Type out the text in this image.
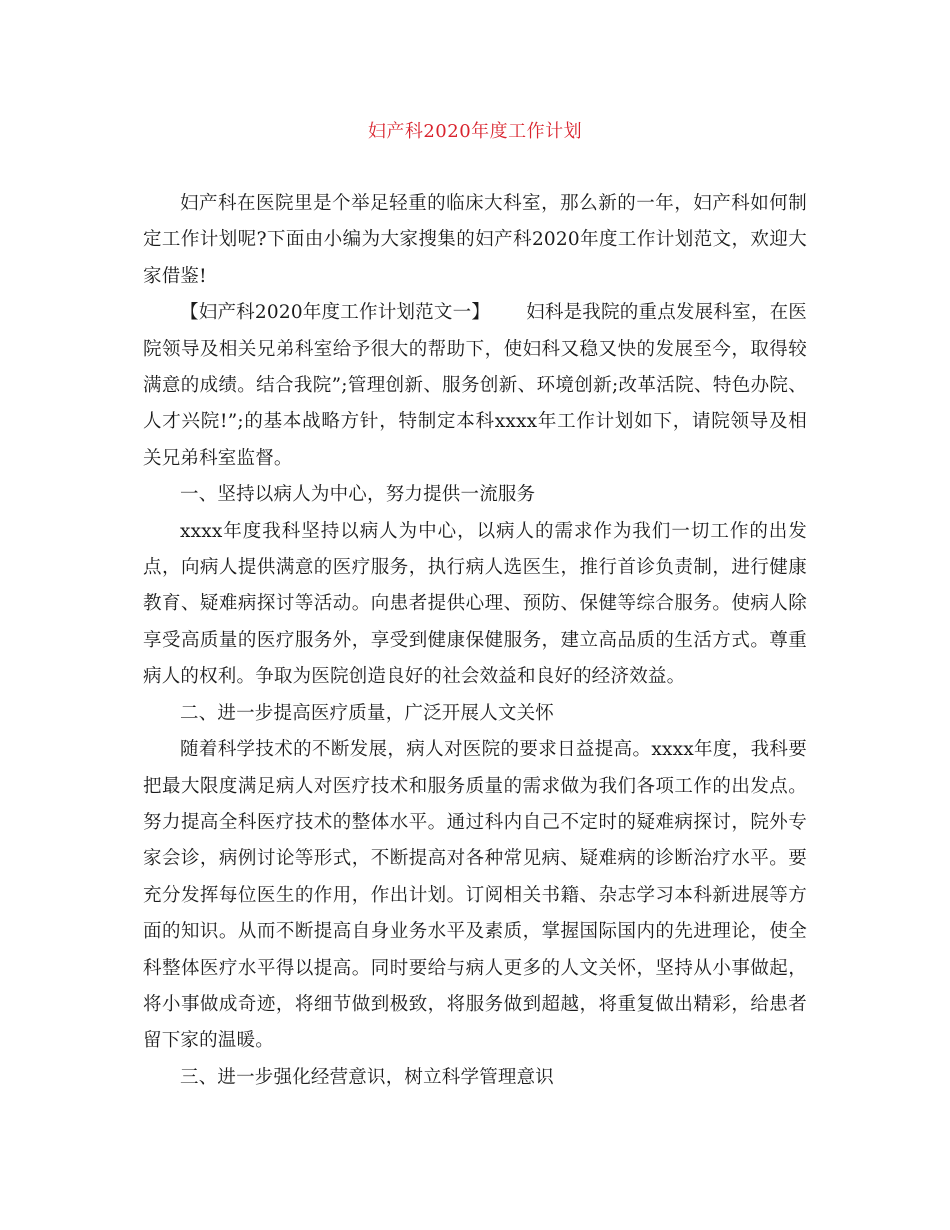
妇产科2020年度工作计划

妇产科在医院里是个举足轻重的临床大科室，那么新的一年，妇产科如何制定工作计划呢?下面由小编为大家搜集的妇产科2020年度工作计划范文，欢迎大家借鉴!

【妇产科2020年度工作计划范文一】 妇科是我院的重点发展科室，在医院领导及相关兄弟科室给予很大的帮助下，使妇科又稳又快的发展至今，取得较满意的成绩。结合我院”;管理创新、服务创新、环境创新;改革活院、特色办院、人才兴院!”;的基本战略方针，特制定本科xxxx年工作计划如下，请院领导及相关兄弟科室监督。

一、坚持以病人为中心，努力提供一流服务

xxxx年度我科坚持以病人为中心，以病人的需求作为我们一切工作的出发点，向病人提供满意的医疗服务，执行病人选医生，推行首诊负责制，进行健康教育、疑难病探讨等活动。向患者提供心理、预防、保健等综合服务。使病人除享受高质量的医疗服务外，享受到健康保健服务，建立高品质的生活方式。尊重病人的权利。争取为医院创造良好的社会效益和良好的经济效益。

二、进一步提高医疗质量，广泛开展人文关怀

随着科学技术的不断发展，病人对医院的要求日益提高。xxxx年度，我科要把最大限度满足病人对医疗技术和服务质量的需求做为我们各项工作的出发点。努力提高全科医疗技术的整体水平。通过科内自己不定时的疑难病探讨，院外专家会诊，病例讨论等形式，不断提高对各种常见病、疑难病的诊断治疗水平。要充分发挥每位医生的作用，作出计划。订阅相关书籍、杂志学习本科新进展等方面的知识。从而不断提高自身业务水平及素质，掌握国际国内的先进理论，使全科整体医疗水平得以提高。同时要给与病人更多的人文关怀，坚持从小事做起，将小事做成奇迹，将细节做到极致，将服务做到超越，将重复做出精彩，给患者留下家的温暖。

三、进一步强化经营意识，树立科学管理意识
